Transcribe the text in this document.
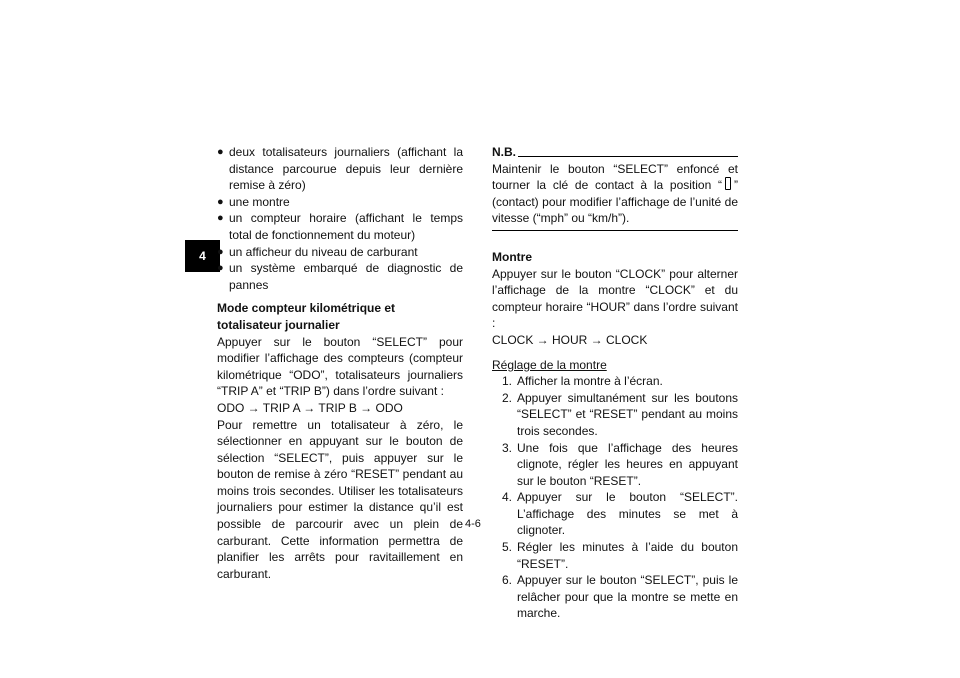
4
● deux totalisateurs journaliers (affichant la distance parcourue depuis leur dernière remise à zéro)
● une montre
● un compteur horaire (affichant le temps total de fonctionnement du moteur)
● un afficheur du niveau de carburant
● un système embarqué de diagnostic de pannes
Mode compteur kilométrique et totalisateur journalier

Appuyer sur le bouton “SELECT” pour modifier l’affichage des compteurs (compteur kilométrique “ODO”, totalisateurs journaliers “TRIP A” et “TRIP B”) dans l’ordre suivant :

ODO → TRIP A → TRIP B → ODO

Pour remettre un totalisateur à zéro, le sélectionner en appuyant sur le bouton de sélection “SELECT”, puis appuyer sur le bouton de remise à zéro “RESET” pendant au moins trois secondes. Utiliser les totalisateurs journaliers pour estimer la distance qu’il est possible de parcourir avec un plein de carburant. Cette information permettra de planifier les arrêts pour ravitaillement en carburant.

N.B.

Maintenir le bouton “SELECT” enfoncé et tourner la clé de contact à la position “ ” (contact) pour modifier l’affichage de l’unité de vitesse (“mph” ou “km/h”).

Montre

Appuyer sur le bouton “CLOCK” pour alterner l’affichage de la montre “CLOCK” et du compteur horaire “HOUR” dans l’ordre suivant :

CLOCK → HOUR → CLOCK
Réglage de la montre
1. Afficher la montre à l’écran.
2. Appuyer simultanément sur les boutons “SELECT” et “RESET” pendant au moins trois secondes.
3. Une fois que l’affichage des heures clignote, régler les heures en appuyant sur le bouton “RESET”.
4. Appuyer sur le bouton “SELECT”. L’affichage des minutes se met à clignoter.
5. Régler les minutes à l’aide du bouton “RESET”.
6. Appuyer sur le bouton “SELECT”, puis le relâcher pour que la montre se mette en marche.
4-6
